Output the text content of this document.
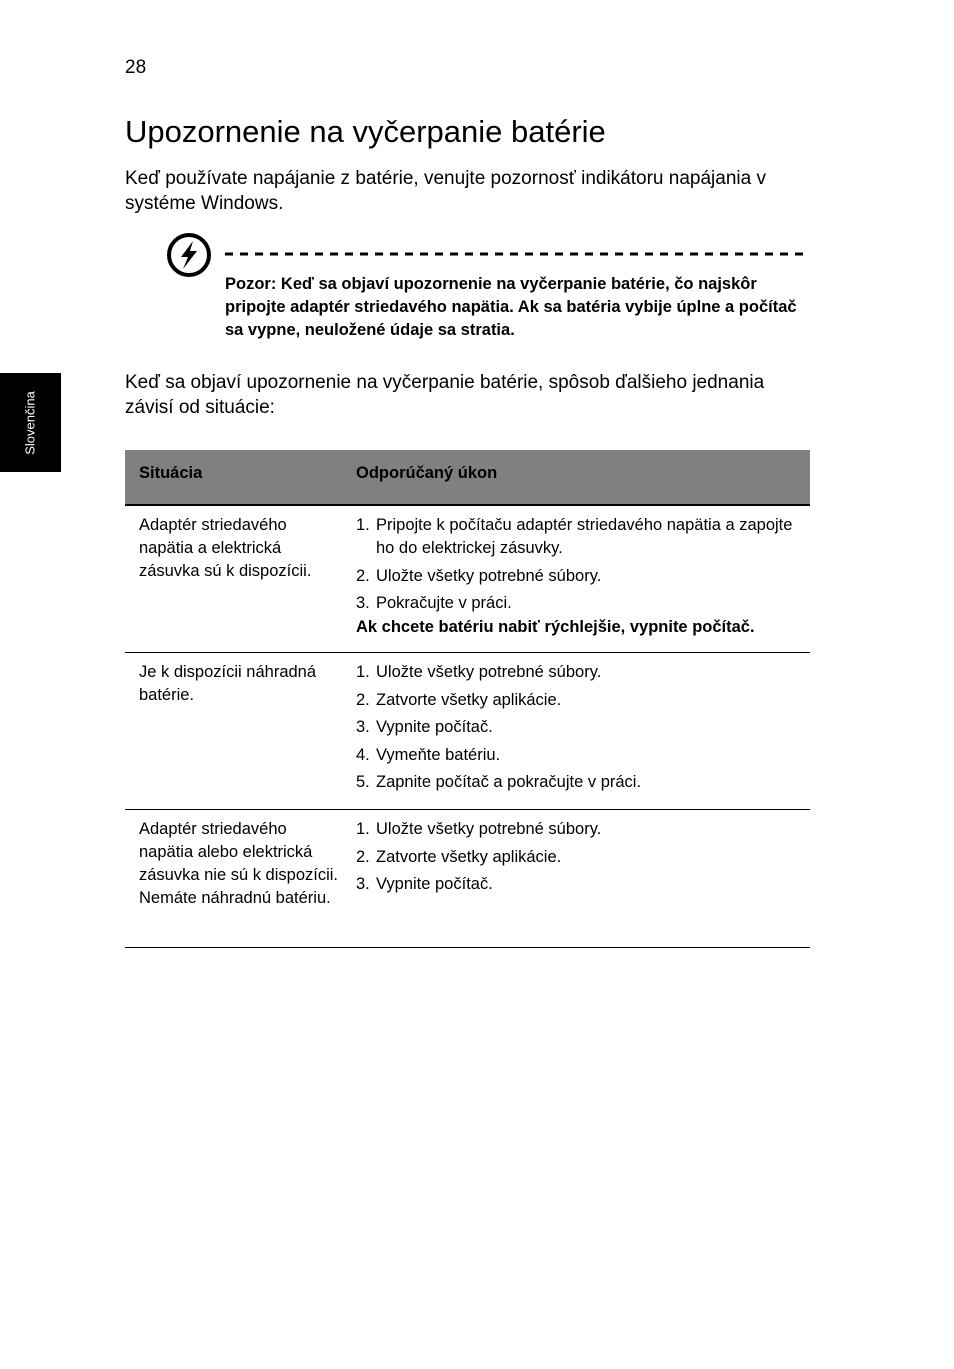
28
Slovenčina
Upozornenie na vyčerpanie batérie

Keď používate napájanie z batérie, venujte pozornosť indikátoru napájania v systéme Windows.

Pozor: Keď sa objaví upozornenie na vyčerpanie batérie, čo najskôr pripojte adaptér striedavého napätia. Ak sa batéria vybije úplne a počítač sa vypne, neuložené údaje sa stratia.

Keď sa objaví upozornenie na vyčerpanie batérie, spôsob ďalšieho jednania závisí od situácie:

Situácia	Odporúčaný úkon
Adaptér striedavého napätia a elektrická zásuvka sú k dispozícii.
1. Pripojte k počítaču adaptér striedavého napätia a zapojte ho do elektrickej zásuvky.
2. Uložte všetky potrebné súbory.
3. Pokračujte v práci.
Ak chcete batériu nabiť rýchlejšie, vypnite počítač.
Je k dispozícii náhradná batérie.
1. Uložte všetky potrebné súbory.
2. Zatvorte všetky aplikácie.
3. Vypnite počítač.
4. Vymeňte batériu.
5. Zapnite počítač a pokračujte v práci.
Adaptér striedavého napätia alebo elektrická zásuvka nie sú k dispozícii. Nemáte náhradnú batériu.
1. Uložte všetky potrebné súbory.
2. Zatvorte všetky aplikácie.
3. Vypnite počítač.
